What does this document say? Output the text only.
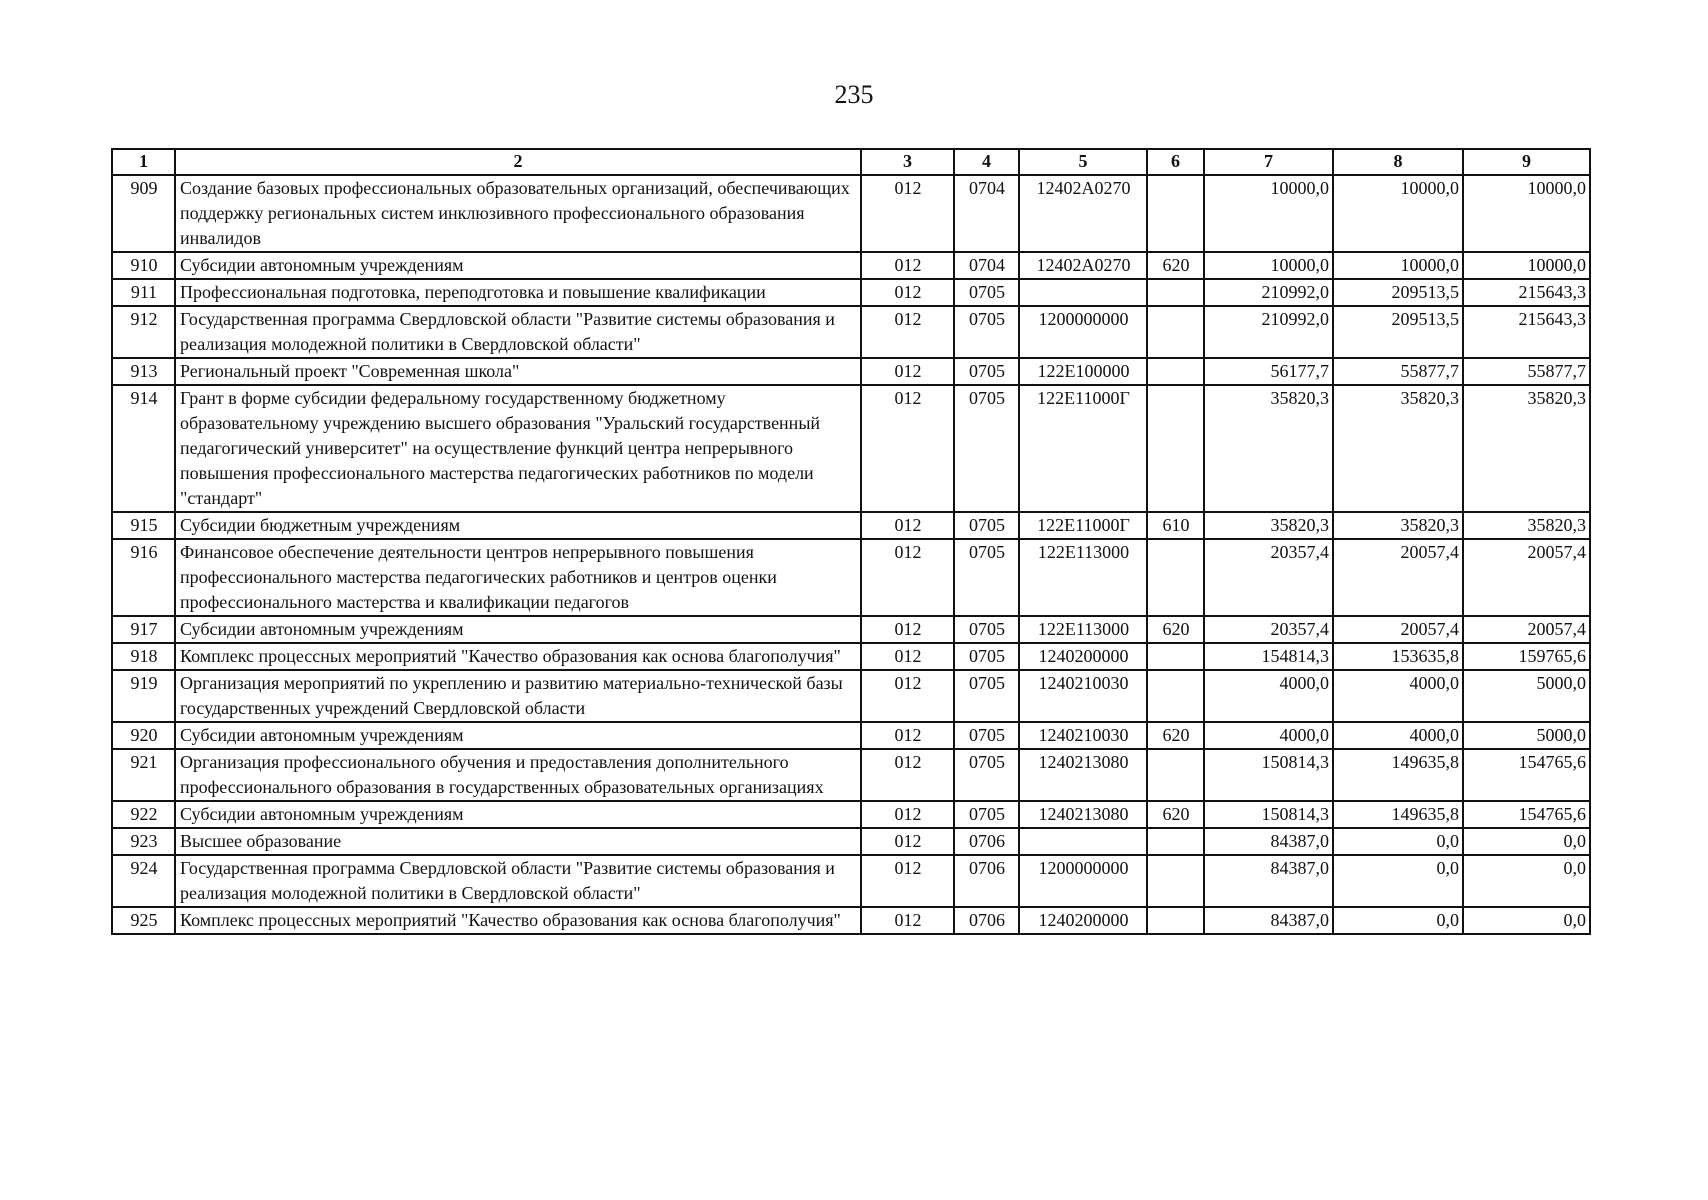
235
1	2	3	4	5	6	7	8	9
909	Создание базовых профессиональных образовательных организаций, обеспечивающих поддержку региональных систем инклюзивного профессионального образования инвалидов	012	0704	12402A0270		10000,0	10000,0	10000,0
910	Субсидии автономным учреждениям	012	0704	12402A0270	620	10000,0	10000,0	10000,0
911	Профессиональная подготовка, переподготовка и повышение квалификации	012	0705			210992,0	209513,5	215643,3
912	Государственная программа Свердловской области "Развитие системы образования и реализация молодежной политики в Свердловской области"	012	0705	1200000000		210992,0	209513,5	215643,3
913	Региональный проект "Современная школа"	012	0705	122E100000		56177,7	55877,7	55877,7
914	Грант в форме субсидии федеральному государственному бюджетному образовательному учреждению высшего образования "Уральский государственный педагогический университет" на осуществление функций центра непрерывного повышения профессионального мастерства педагогических работников по модели "стандарт"	012	0705	122E11000Г		35820,3	35820,3	35820,3
915	Субсидии бюджетным учреждениям	012	0705	122E11000Г	610	35820,3	35820,3	35820,3
916	Финансовое обеспечение деятельности центров непрерывного повышения профессионального мастерства педагогических работников и центров оценки профессионального мастерства и квалификации педагогов	012	0705	122E113000		20357,4	20057,4	20057,4
917	Субсидии автономным учреждениям	012	0705	122E113000	620	20357,4	20057,4	20057,4
918	Комплекс процессных мероприятий "Качество образования как основа благополучия"	012	0705	1240200000		154814,3	153635,8	159765,6
919	Организация мероприятий по укреплению и развитию материально-технической базы государственных учреждений Свердловской области	012	0705	1240210030		4000,0	4000,0	5000,0
920	Субсидии автономным учреждениям	012	0705	1240210030	620	4000,0	4000,0	5000,0
921	Организация профессионального обучения и предоставления дополнительного профессионального образования в государственных образовательных организациях	012	0705	1240213080		150814,3	149635,8	154765,6
922	Субсидии автономным учреждениям	012	0705	1240213080	620	150814,3	149635,8	154765,6
923	Высшее образование	012	0706			84387,0	0,0	0,0
924	Государственная программа Свердловской области "Развитие системы образования и реализация молодежной политики в Свердловской области"	012	0706	1200000000		84387,0	0,0	0,0
925	Комплекс процессных мероприятий "Качество образования как основа благополучия"	012	0706	1240200000		84387,0	0,0	0,0
